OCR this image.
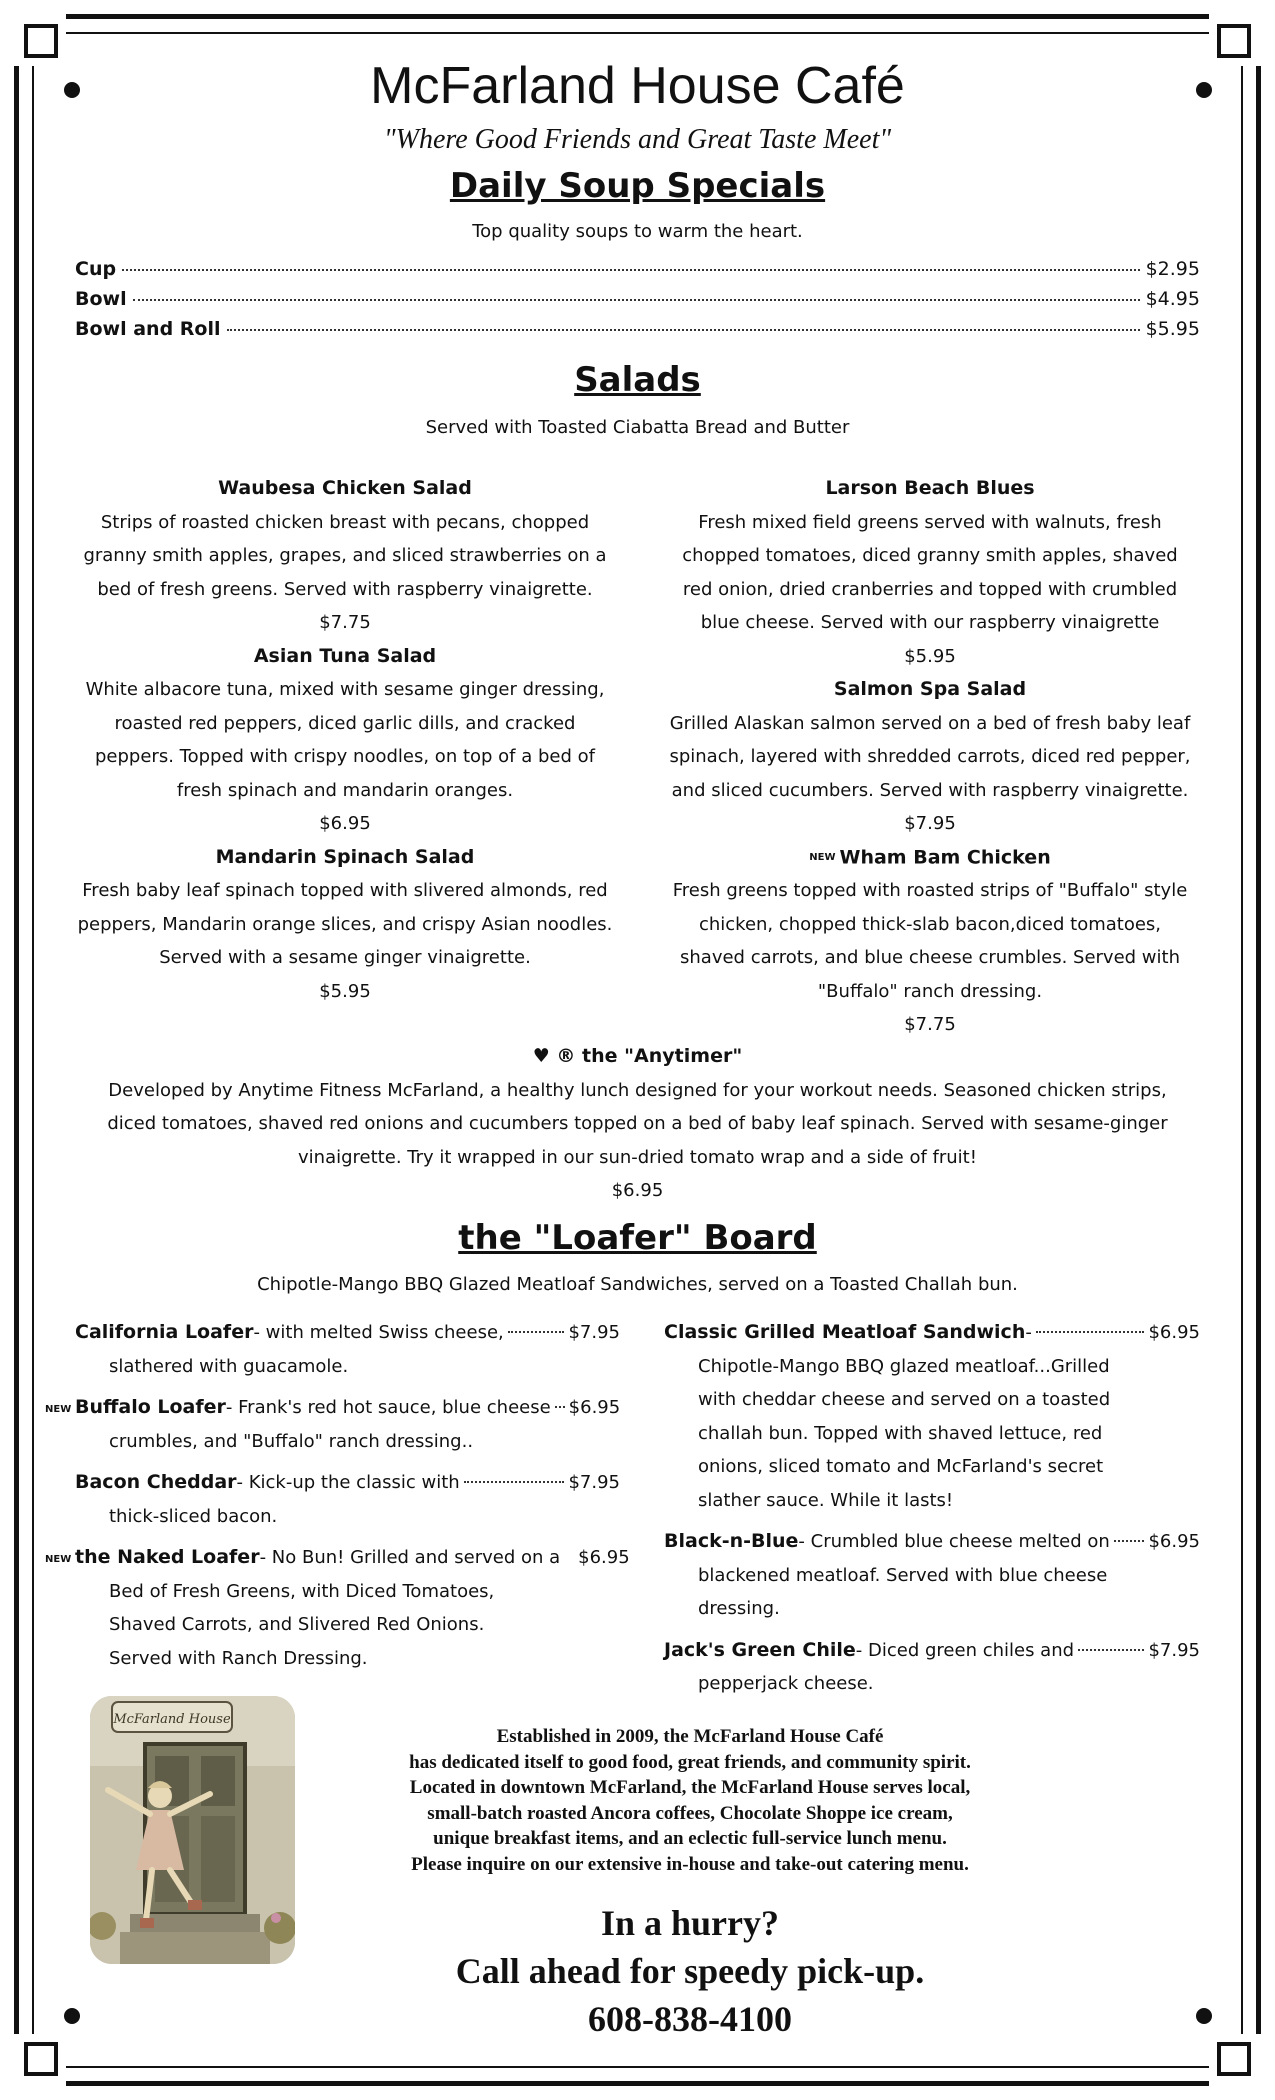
McFarland House Café
"Where Good Friends and Great Taste Meet"
Daily Soup Specials
Top quality soups to warm the heart.
Cup	$2.95
Bowl	$4.95
Bowl and Roll	$5.95
Salads
Served with Toasted Ciabatta Bread and Butter
Waubesa Chicken Salad
Strips of roasted chicken breast with pecans, chopped
granny smith apples, grapes, and sliced strawberries on a
bed of fresh greens. Served with raspberry vinaigrette.
$7.75
Asian Tuna Salad
White albacore tuna, mixed with sesame ginger dressing,
roasted red peppers, diced garlic dills, and cracked
peppers. Topped with crispy noodles, on top of a bed of
fresh spinach and mandarin oranges.
$6.95
Mandarin Spinach Salad
Fresh baby leaf spinach topped with slivered almonds, red
peppers, Mandarin orange slices, and crispy Asian noodles.
Served with a sesame ginger vinaigrette.
$5.95
Larson Beach Blues
Fresh mixed field greens served with walnuts, fresh
chopped tomatoes, diced granny smith apples, shaved
red onion, dried cranberries and topped with crumbled
blue cheese. Served with our raspberry vinaigrette
$5.95
Salmon Spa Salad
Grilled Alaskan salmon served on a bed of fresh baby leaf
spinach, layered with shredded carrots, diced red pepper,
and sliced cucumbers. Served with raspberry vinaigrette.
$7.95
NEW Wham Bam Chicken
Fresh greens topped with roasted strips of "Buffalo" style
chicken, chopped thick-slab bacon,diced tomatoes,
shaved carrots, and blue cheese crumbles. Served with
"Buffalo" ranch dressing.
$7.75
♥ ® the "Anytimer"
Developed by Anytime Fitness McFarland, a healthy lunch designed for your workout needs. Seasoned chicken strips,
diced tomatoes, shaved red onions and cucumbers topped on a bed of baby leaf spinach. Served with sesame-ginger
vinaigrette. Try it wrapped in our sun-dried tomato wrap and a side of fruit!
$6.95
the "Loafer" Board
Chipotle-Mango BBQ Glazed Meatloaf Sandwiches, served on a Toasted Challah bun.
California Loafer - with melted Swiss cheese,	$7.95
slathered with guacamole.
NEW Buffalo Loafer - Frank's red hot sauce, blue cheese $6.95
crumbles, and "Buffalo" ranch dressing..
Bacon Cheddar - Kick-up the classic with	$7.95
thick-sliced bacon.
NEW the Naked Loafer - No Bun! Grilled and served on a $6.95
Bed of Fresh Greens, with Diced Tomatoes,
Shaved Carrots, and Slivered Red Onions.
Served with Ranch Dressing.
Classic Grilled Meatloaf Sandwich -	$6.95
Chipotle-Mango BBQ glazed meatloaf...Grilled
with cheddar cheese and served on a toasted
challah bun. Topped with shaved lettuce, red
onions, sliced tomato and McFarland's secret
slather sauce. While it lasts!
Black-n-Blue - Crumbled blue cheese melted on $6.95
blackened meatloaf. Served with blue cheese
dressing.
Jack's Green Chile - Diced green chiles and	$7.95
pepperjack cheese.
McFarland House
Established in 2009, the McFarland House Café
has dedicated itself to good food, great friends, and community spirit.
Located in downtown McFarland, the McFarland House serves local,
small-batch roasted Ancora coffees, Chocolate Shoppe ice cream,
unique breakfast items, and an eclectic full-service lunch menu.
Please inquire on our extensive in-house and take-out catering menu.
In a hurry?
Call ahead for speedy pick-up.
608-838-4100
